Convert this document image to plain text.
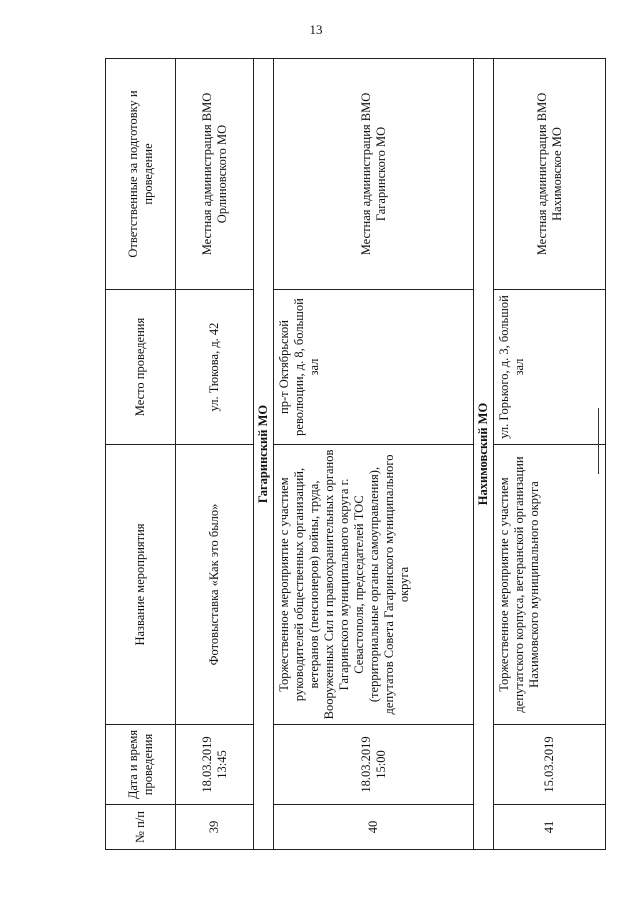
13
№ п/п	Дата и время проведения	Название мероприятия	Место проведения	Ответственные за подготовку и проведение
39	18.03.2019 13:45	Фотовыставка «Как это было»	ул. Тюкова, д. 42	Местная администрация ВМО Орлиновского МО
Гагаринский МО				
40	18.03.2019 15:00	Торжественное мероприятие с участием руководителей общественных организаций, ветеранов (пенсионеров) войны, труда, Вооруженных Сил и правоохранительных органов Гагаринского муниципального округа г. Севастополя, председателей ТОС (территориальные органы самоуправления), депутатов Совета Гагаринского муниципального округа	пр-т Октябрьской революции, д. 8, большой зал	Местная администрация ВМО Гагаринского МО
Нахимовский МО				
41	15.03.2019	Торжественное мероприятие с участием депутатского корпуса, ветеранской организации Нахимовского муниципального округа	ул. Горького, д. 3, большой зал	Местная администрация ВМО Нахимовское МО
